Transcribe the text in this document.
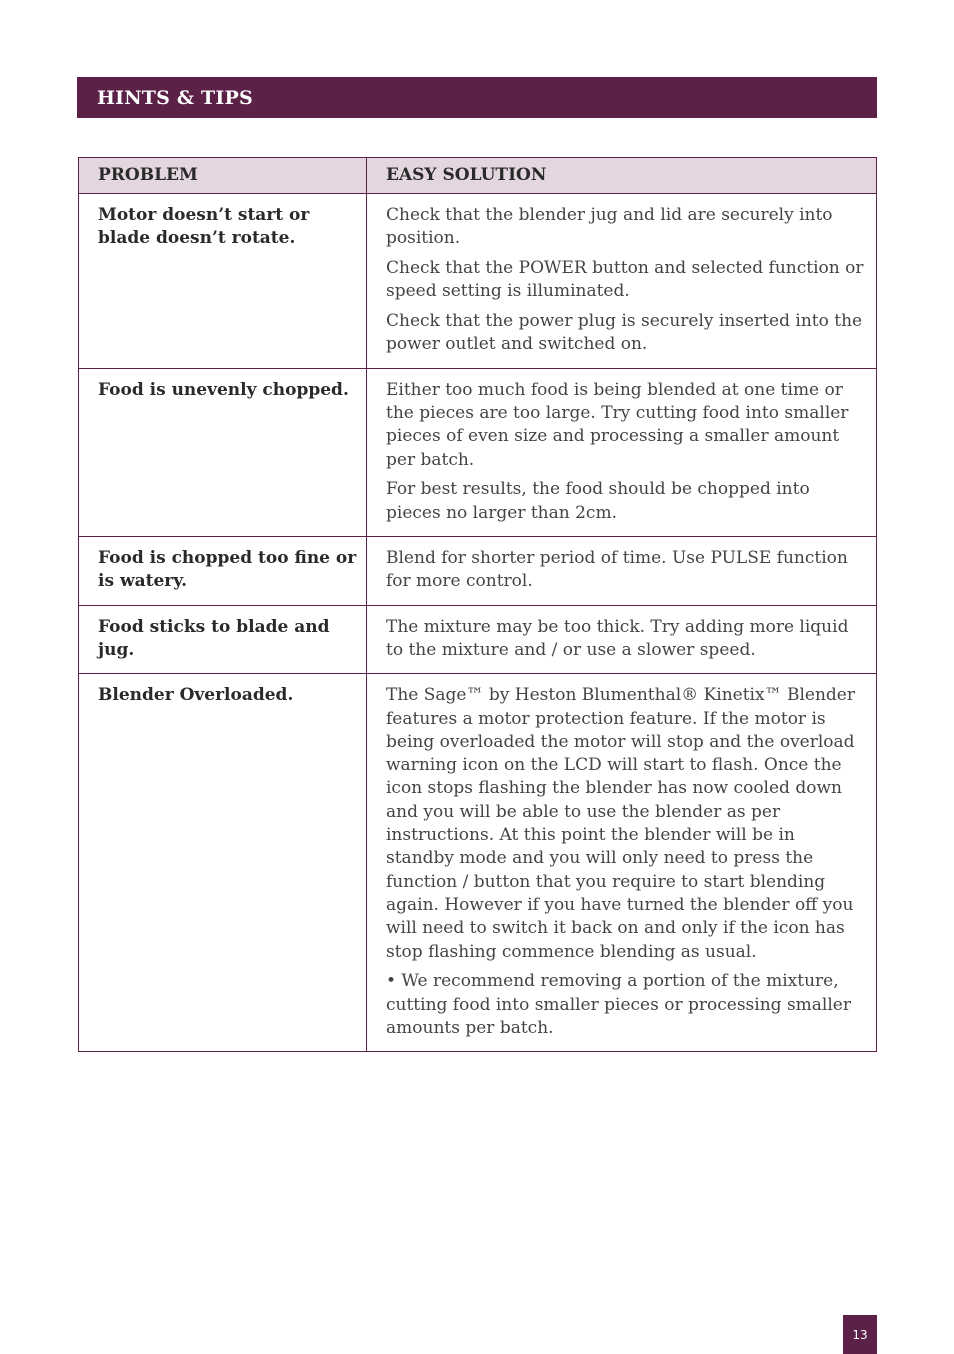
HINTS & TIPS
PROBLEM	EASY SOLUTION
Motor doesn’t start or blade doesn’t rotate.	Check that the blender jug and lid are securely into position.

Check that the POWER button and selected function or speed setting is illuminated.

Check that the power plug is securely inserted into the power outlet and switched on.

Food is unevenly chopped.	Either too much food is being blended at one time or the pieces are too large. Try cutting food into smaller pieces of even size and processing a smaller amount per batch.

For best results, the food should be chopped into pieces no larger than 2cm.

Food is chopped too fine or is watery.	Blend for shorter period of time. Use PULSE function for more control.

Food sticks to blade and jug.	The mixture may be too thick. Try adding more liquid to the mixture and / or use a slower speed.

Blender Overloaded.	The Sage™ by Heston Blumenthal® Kinetix™ Blender features a motor protection feature. If the motor is being overloaded the motor will stop and the overload warning icon on the LCD will start to flash. Once the icon stops flashing the blender has now cooled down and you will be able to use the blender as per instructions. At this point the blender will be in standby mode and you will only need to press the function / button that you require to start blending again. However if you have turned the blender off you will need to switch it back on and only if the icon has stop flashing commence blending as usual.

• We recommend removing a portion of the mixture, cutting food into smaller pieces or processing smaller amounts per batch.

13
